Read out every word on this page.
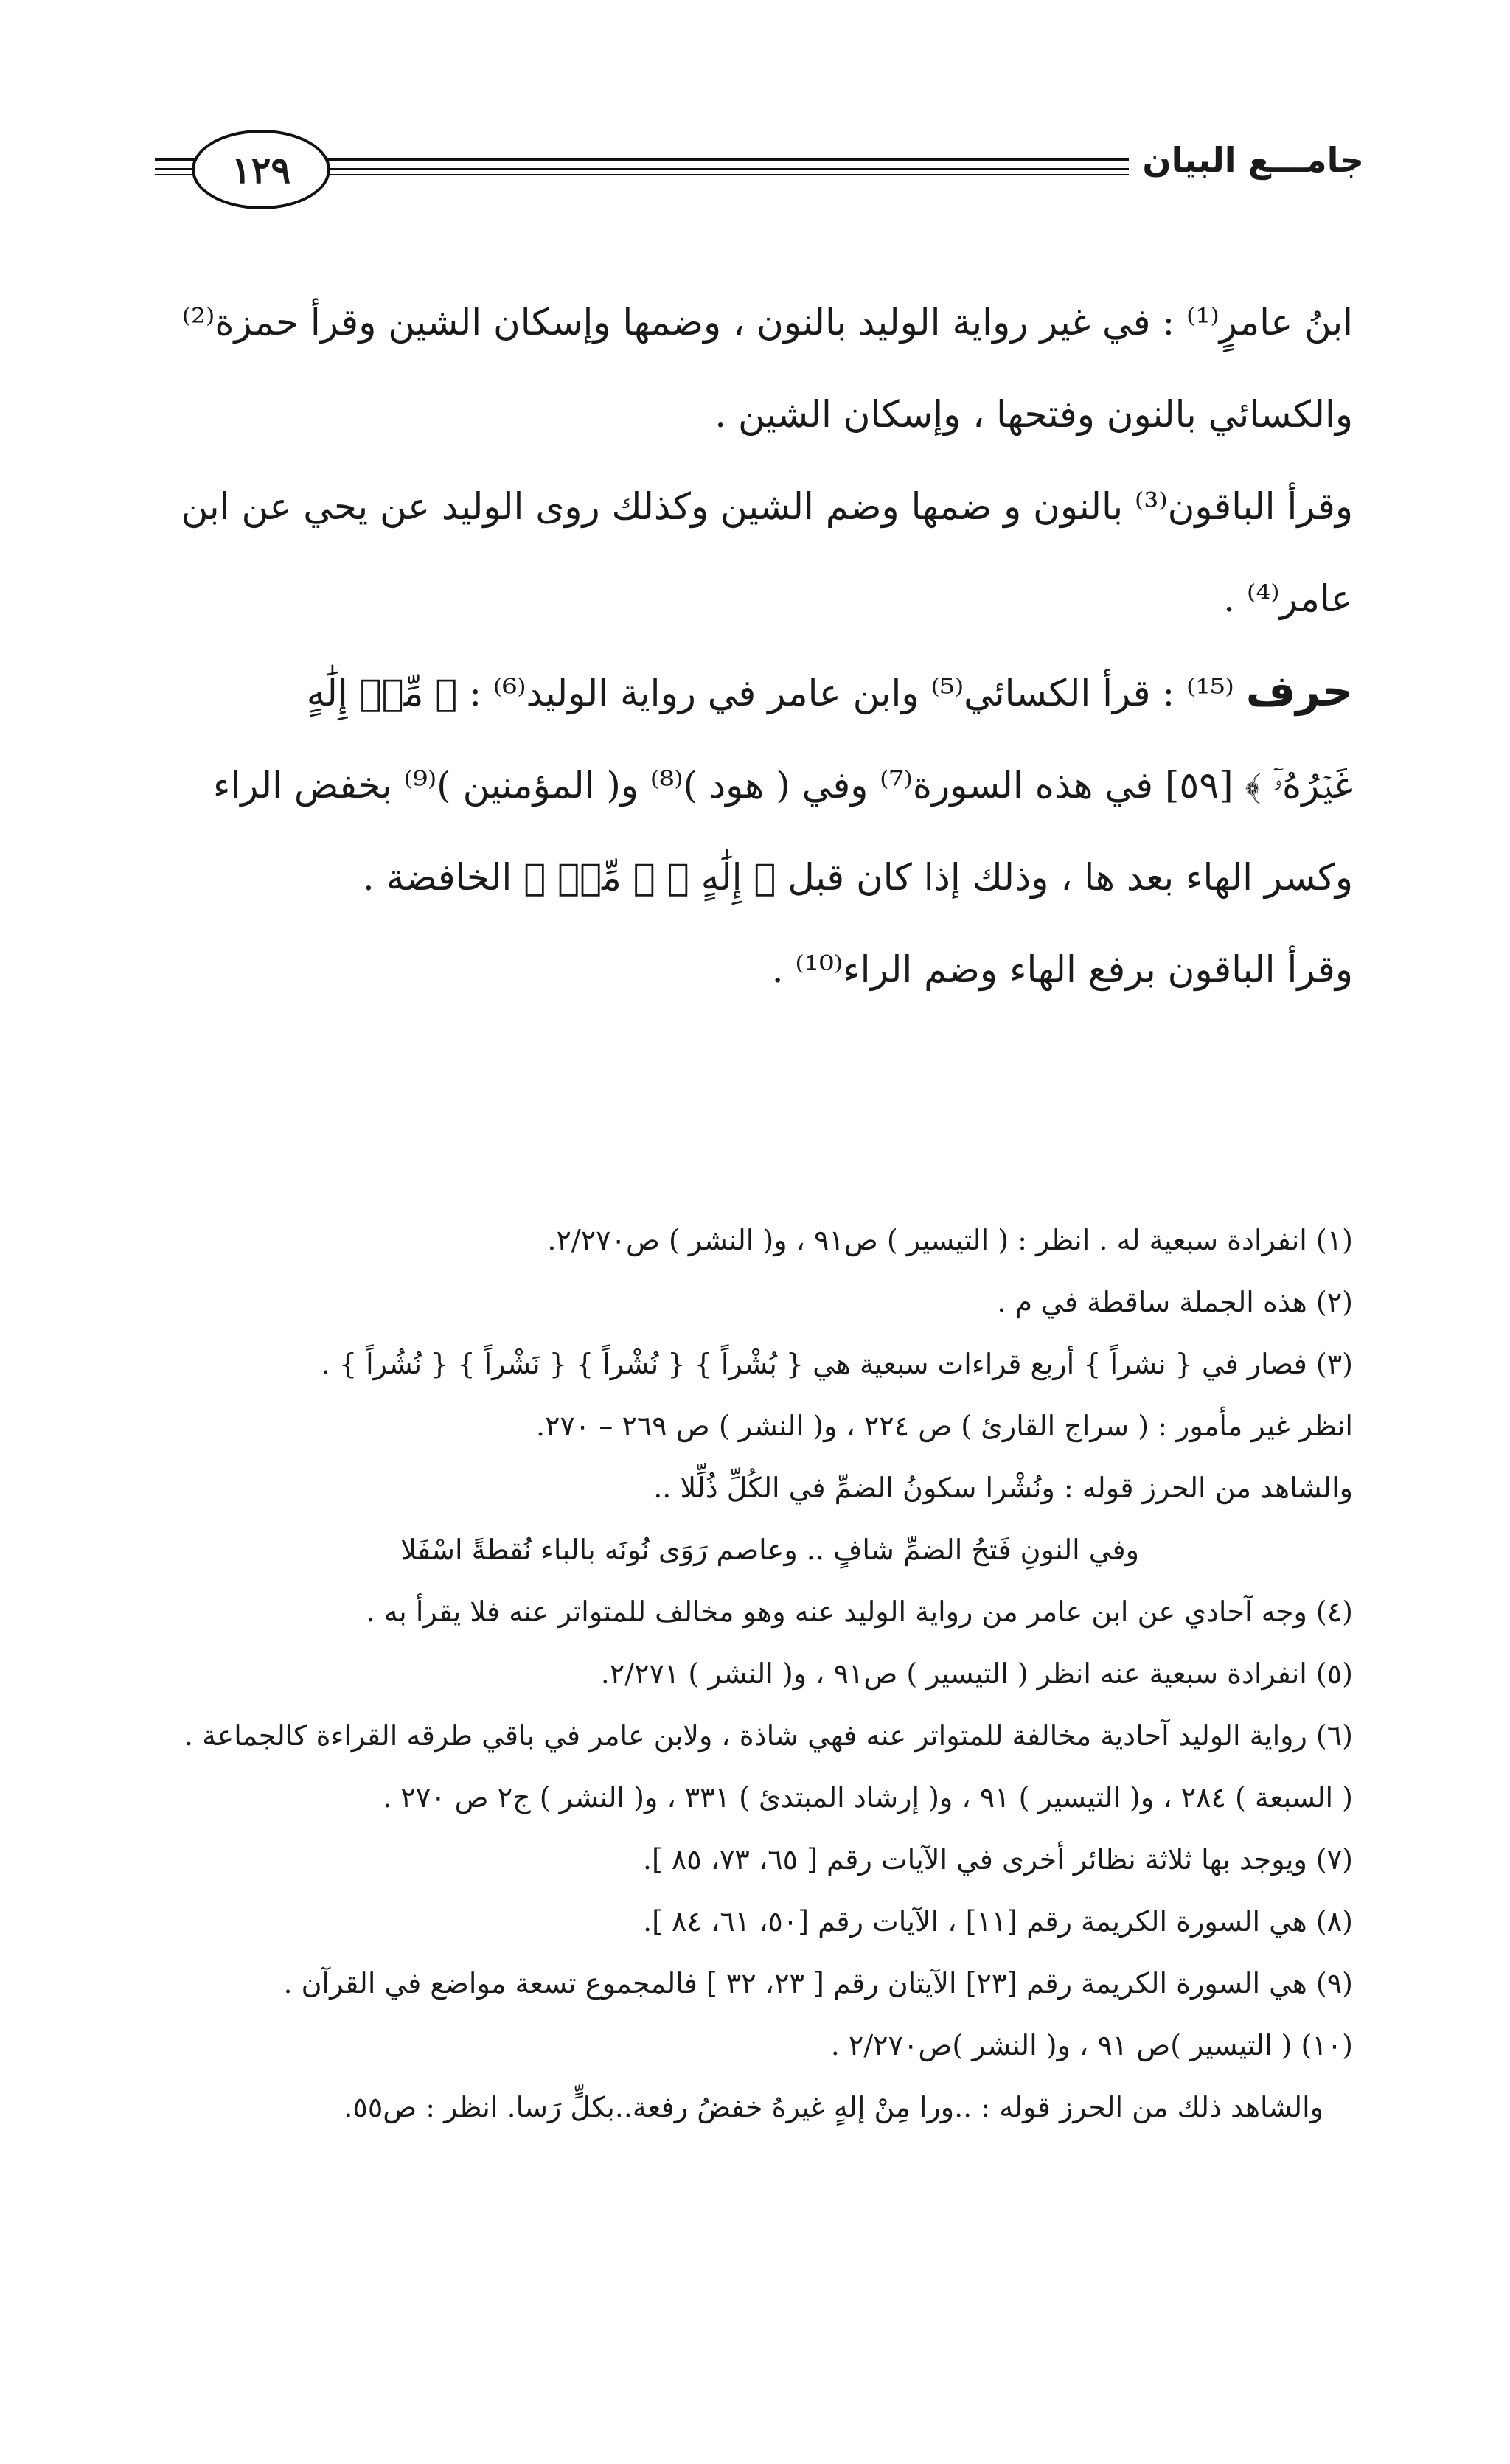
١٢٩	جامـــع البيان

ابنُ عامرٍ⁽¹⁾ : في غير رواية الوليد بالنون ، وضمها وإسكان الشين وقرأ حمزة⁽²⁾

والكسائي بالنون وفتحها ، وإسكان الشين .

وقرأ الباقون⁽³⁾ بالنون و ضمها وضم الشين وكذلك روى الوليد عن يحي عن ابن

عامر⁽⁴⁾ .

حرف ⁽¹⁵⁾ : قرأ الكسائي⁽⁵⁾ وابن عامر في رواية الوليد⁽⁶⁾ : ﴿ مِّنۡ إِلَٰهٍ

غَيۡرُهُۥٓ ﴾ [٥٩] في هذه السورة⁽⁷⁾ وفي ( هود )⁽⁸⁾ و( المؤمنين )⁽⁹⁾ بخفض الراء

وكسر الهاء بعد ها ، وذلك إذا كان قبل ﴿ إِلَٰهٍ ﴾ ﴿ مِّنۡ ﴾ الخافضة .

وقرأ الباقون برفع الهاء وضم الراء⁽¹⁰⁾ .

(١) انفرادة سبعية له . انظر : ( التيسير ) ص٩١ ، و( النشر ) ص٢/٢٧٠.

(٢) هذه الجملة ساقطة في م .

(٣) فصار في { نشراً } أربع قراءات سبعية هي { بُشْراً } { نُشْراً } { نَشْراً } { نُشُراً } .

انظر غير مأمور : ( سراج القارئ ) ص ٢٢٤ ، و( النشر ) ص ٢٦٩ – ٢٧٠.

والشاهد من الحرز قوله : ونُشْرا سكونُ الضمِّ في الكُلِّ ذُلِّلا ..

وفي النونِ فَتحُ الضمِّ شافٍ .. وعاصم رَوَى نُونَه بالباء نُقطةً اسْفَلا

(٤) وجه آحادي عن ابن عامر من رواية الوليد عنه وهو مخالف للمتواتر عنه فلا يقرأ به .

(٥) انفرادة سبعية عنه انظر ( التيسير ) ص٩١ ، و( النشر ) ٢/٢٧١.

(٦) رواية الوليد آحادية مخالفة للمتواتر عنه فهي شاذة ، ولابن عامر في باقي طرقه القراءة كالجماعة .

( السبعة ) ٢٨٤ ، و( التيسير ) ٩١ ، و( إرشاد المبتدئ ) ٣٣١ ، و( النشر ) ج٢ ص ٢٧٠ .

(٧) ويوجد بها ثلاثة نظائر أخرى في الآيات رقم [ ٦٥، ٧٣، ٨٥ ].

(٨) هي السورة الكريمة رقم [١١] ، الآيات رقم [٥٠، ٦١، ٨٤ ].

(٩) هي السورة الكريمة رقم [٢٣] الآيتان رقم [ ٢٣، ٣٢ ] فالمجموع تسعة مواضع في القرآن .

(١٠) ( التيسير )ص ٩١ ، و( النشر )ص٢/٢٧٠ .

والشاهد ذلك من الحرز قوله : ..ورا مِنْ إلهٍ غيرهُ خفضُ رفعة..بكلٍّ رَسا. انظر : ص٥٥.
